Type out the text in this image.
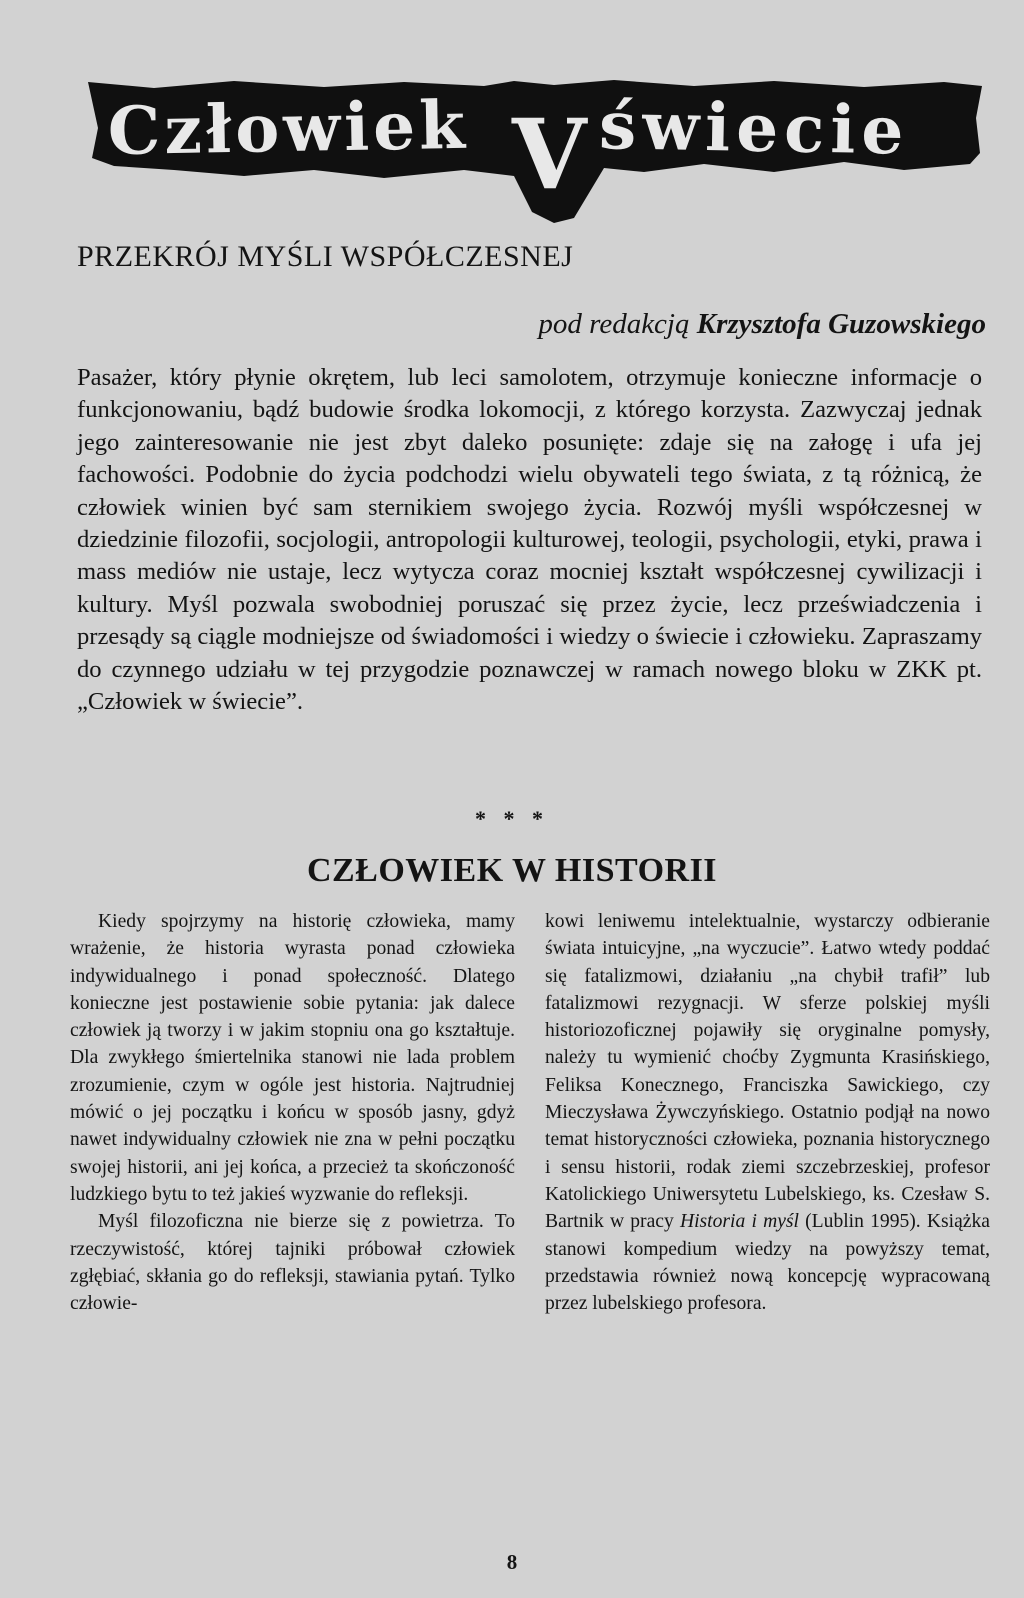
Człowiek V świecie
PRZEKRÓJ MYŚLI WSPÓŁCZESNEJ
pod redakcją Krzysztofa Guzowskiego

Pasażer, który płynie okrętem, lub leci samolotem, otrzymuje konieczne informacje o funkcjonowaniu, bądź budowie środka lokomocji, z którego korzysta. Zazwyczaj jednak jego zainteresowanie nie jest zbyt daleko posunięte: zdaje się na załogę i ufa jej fachowości. Podobnie do życia podchodzi wielu obywateli tego świata, z tą różnicą, że człowiek winien być sam sternikiem swojego życia. Rozwój myśli współczesnej w dziedzinie filozofii, socjologii, antropologii kulturowej, teologii, psychologii, etyki, prawa i mass mediów nie ustaje, lecz wytycza coraz mocniej kształt współczesnej cywilizacji i kultury. Myśl pozwala swobodniej poruszać się przez życie, lecz przeświadczenia i przesądy są ciągle modniejsze od świadomości i wiedzy o świecie i człowieku. Zapraszamy do czynnego udziału w tej przygodzie poznawczej w ramach nowego bloku w ZKK pt. „Człowiek w świecie”.

* * *
CZŁOWIEK W HISTORII

Kiedy spojrzymy na historię człowieka, mamy wrażenie, że historia wyrasta ponad człowieka indywidualnego i ponad społeczność. Dlatego konieczne jest postawienie sobie pytania: jak dalece człowiek ją tworzy i w jakim stopniu ona go kształtuje. Dla zwykłego śmiertelnika stanowi nie lada problem zrozumienie, czym w ogóle jest historia. Najtrudniej mówić o jej początku i końcu w sposób jasny, gdyż nawet indywidualny człowiek nie zna w pełni początku swojej historii, ani jej końca, a przecież ta skończoność ludzkiego bytu to też jakieś wyzwanie do refleksji.

Myśl filozoficzna nie bierze się z powietrza. To rzeczywistość, której tajniki próbował człowiek zgłębiać, skłania go do refleksji, stawiania pytań. Tylko człowie-

kowi leniwemu intelektualnie, wystarczy odbieranie świata intuicyjne, „na wyczucie”. Łatwo wtedy poddać się fatalizmowi, działaniu „na chybił trafił” lub fatalizmowi rezygnacji. W sferze polskiej myśli historiozoficznej pojawiły się oryginalne pomysły, należy tu wymienić choćby Zygmunta Krasińskiego, Feliksa Konecznego, Franciszka Sawickiego, czy Mieczysława Żywczyńskiego. Ostatnio podjął na nowo temat historyczności człowieka, poznania historycznego i sensu historii, rodak ziemi szczebrzeskiej, profesor Katolickiego Uniwersytetu Lubelskiego, ks. Czesław S. Bartnik w pracy Historia i myśl (Lublin 1995). Książka stanowi kompedium wiedzy na powyższy temat, przedstawia również nową koncepcję wypracowaną przez lubelskiego profesora.

8
